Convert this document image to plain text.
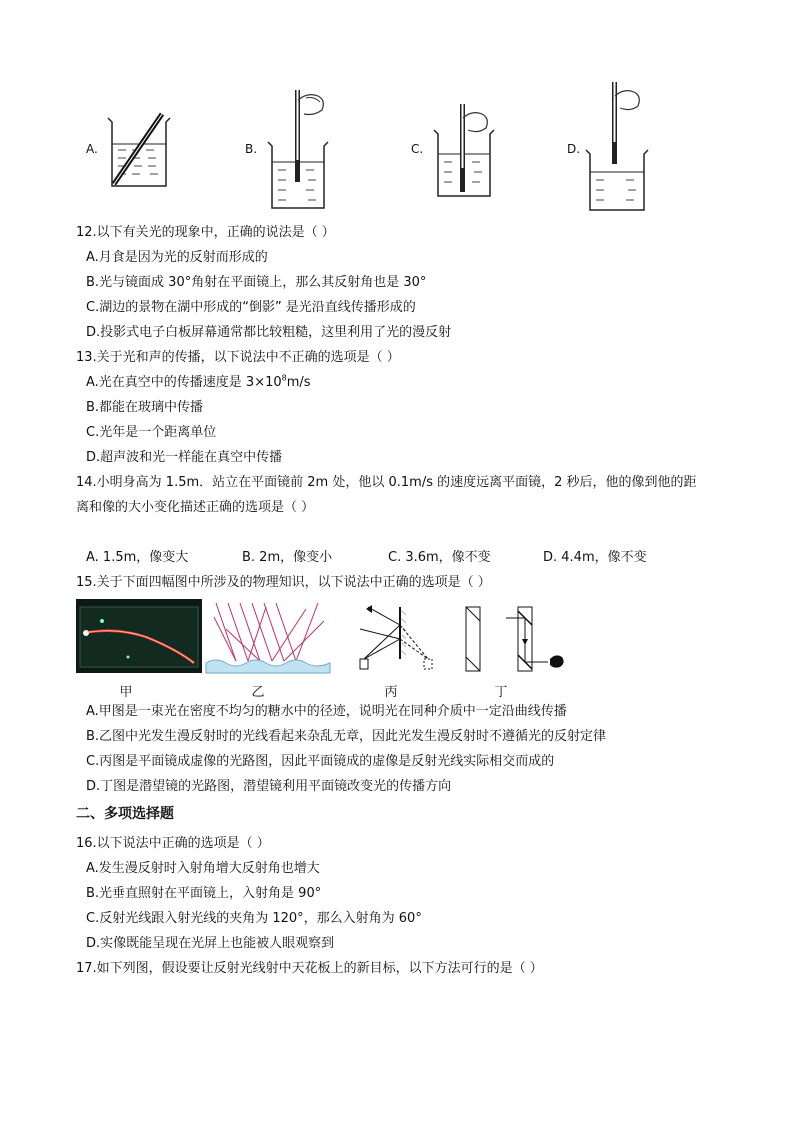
A.	B.	C.	D.
12.以下有关光的现象中，正确的说法是（ ）
A.月食是因为光的反射而形成的
B.光与镜面成 30°角射在平面镜上，那么其反射角也是 30°
C.湖边的景物在湖中形成的“倒影” 是光沿直线传播形成的
D.投影式电子白板屏幕通常都比较粗糙，这里利用了光的漫反射
13.关于光和声的传播，以下说法中不正确的选项是（ ）
A.光在真空中的传播速度是 $3\times 10^8m/s$
B.都能在玻璃中传播
C.光年是一个距离单位
D.超声波和光一样能在真空中传播
14.小明身高为 1.5m．站立在平面镜前 2m 处，他以 0.1m/s 的速度远离平面镜，2 秒后，他的像到他的距
离和像的大小变化描述正确的选项是（ ）
A. 1.5m，像变大	B. 2m，像变小	C. 3.6m，像不变	D. 4.4m，像不变
15.关于下面四幅图中所涉及的物理知识，以下说法中正确的选项是（ ）
甲	乙	丙	丁
A.甲图是一束光在密度不均匀的糖水中的径迹，说明光在同种介质中一定沿曲线传播
B.乙图中光发生漫反射时的光线看起来杂乱无章，因此光发生漫反射时不遵循光的反射定律
C.丙图是平面镜成虚像的光路图，因此平面镜成的虚像是反射光线实际相交而成的
D.丁图是潜望镜的光路图，潜望镜利用平面镜改变光的传播方向
二、多项选择题
16.以下说法中正确的选项是（ ）
A.发生漫反射时入射角增大反射角也增大
B.光垂直照射在平面镜上，入射角是 90°
C.反射光线跟入射光线的夹角为 120°，那么入射角为 60°
D.实像既能呈现在光屏上也能被人眼观察到
17.如下列图，假设要让反射光线射中天花板上的新目标，以下方法可行的是（ ）
